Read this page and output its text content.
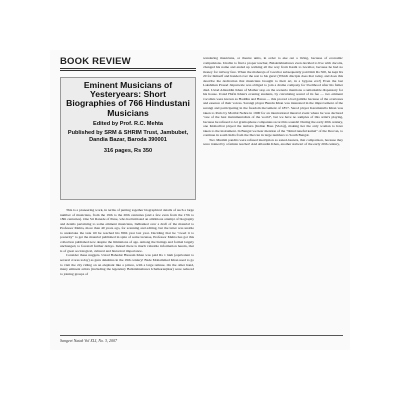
BOOK REVIEW

Eminent Musicians of Yesteryears: Short Biographies of 766 Hindustani Musicians

Edited by Prof. R.C. Mehta

Published by SRM & SHRIM Trust, Jambubet, Dandia Bazar, Baroda 390001

316 pages, Rs 350

This is a pioneering work, in terms of putting together biographical details of such a large number of musicians, from the 19th to the 20th centuries (and a few even from the 17th to 18th centuries). One Sri Ranade of Pune, who had initiated an ambitious attempt of biography and details pertaining to some eminent musicians, Indhankal over a draft of the material to Professor Mehta, more than 40 years ago, for scanning and editing, but the latter was unable to undertake the task till he reached his 80th year last year. Deciding that he "owed it to posterity" to get the material published in spite of some lacunae, Professor Mehta has got this collection published now despite the limitations of age. Among the listings and formal largely unchanged, to forestall further delays. Indeed there is much valuable information herein, that is of great sociological, cultural and historical importance.

Consider these nuggets. Ustad Bahadur Hussain Khan was paid Rs 1 lakh (equivalent to several crores today) as guru dakshina in the 19th century! Bade Mohammad Khan used to go to visit the city riding on an elephant like a prince, with a large retinue. On the other hand, many eminent artists (including the legendary Balkrishnabuwa Ichalkaranjikar) were reduced to joining groups of

wandering musicians, or theatre units, in order to eke out a living, because of economic compulsions. Unable to find a proper teacher, Balakrishnabuwa even decided to live with dacoits, changed his name and ended up walking all the way from Kashi to Gwalior, because he had no money for railway fare. When the maharaja of Gwalior subsequently paid him Rs 500, he kept Rs 20 for himself and handed over the rest to his guru! (Which disciple does that today, and does this describe the dedication that musicians brought to their art, in a bygone era?) Even the last Lakshman Prasad Jaipurwale was obliged to join a drama company for livelihood after his father died. Ustad Allauddin Khan of Maihar stop on the scenario mentions a remarkable dispensary for his house. Ustad Hafiz Khan's evening students, by calculating sound of its fee — two eminent vocalists were known as Haddhu and Hassu — this proved a bad gamble because of the overtones and essence of their voices. Sarangi player Bundu Khan was interested in the improvement of the sarangi and participating in the freedom movement of 1857. Sarod player Karamatulla Khan was taken to Paris by Motilal Nehru in 1900 for an international musical event where he was declared "one of the best instrumentalists of the world", but we have no samples of this artist's playing, because he refused to let gramophone companies record his sounds! During the early 20th century, one Kishoribai played the tanbura (Indian Bass (Viola)), making her the only woman to have taken to the instrument. In Bengal we hear mention of the "bhind tuneful kamal" of the Deccan, to continue in south India from the Deccan in large numbers to South Bengal.

Two Muslim pandits were refused inscription as sanad-bearers, that comparison, because they were trained by a female teacher! And Allaudin Khan, another stalwart of the early 20th century,

Sangeet Natak Vol XLI, No. 3, 2007
